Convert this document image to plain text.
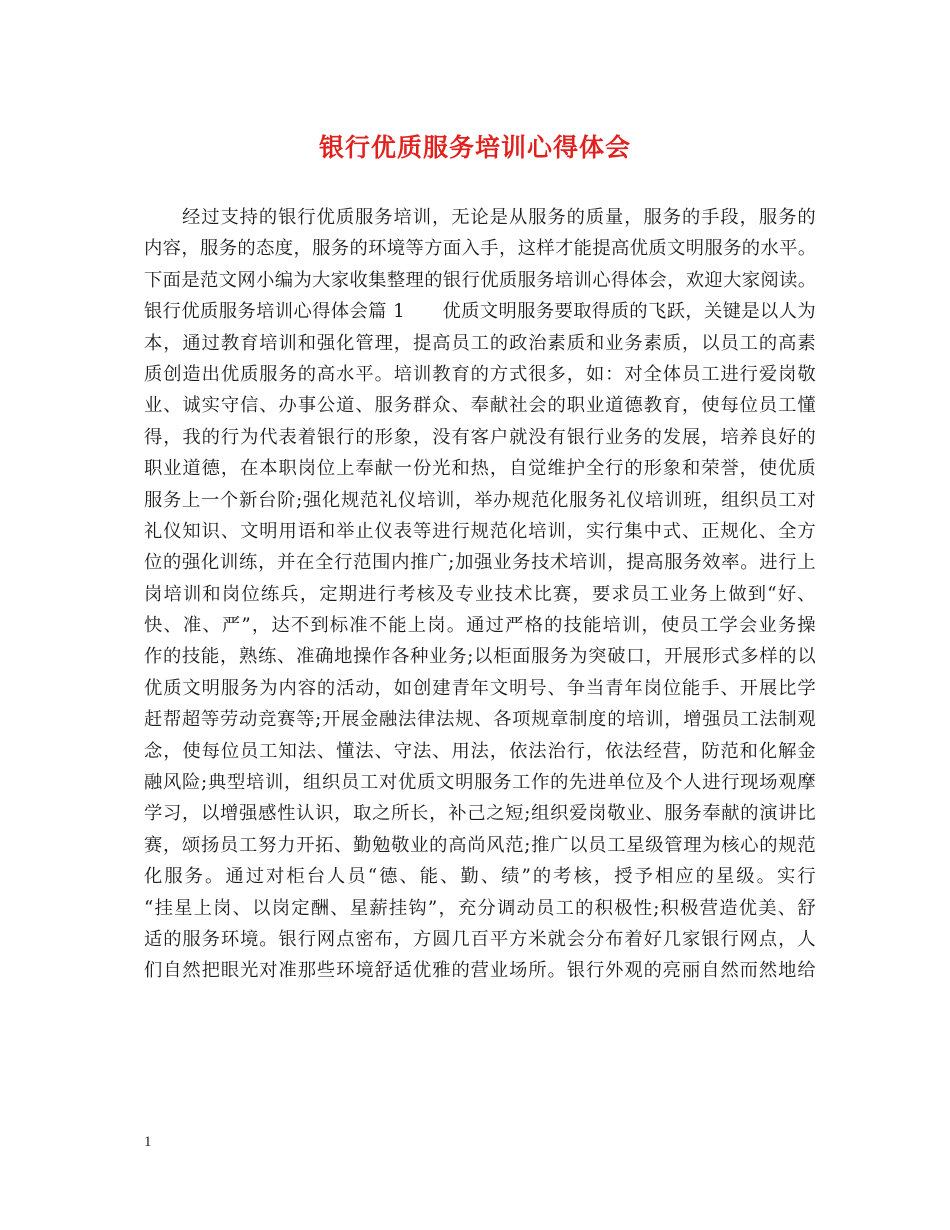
银行优质服务培训心得体会
经过支持的银行优质服务培训，无论是从服务的质量，服务的手段，服务的
内容，服务的态度，服务的环境等方面入手，这样才能提高优质文明服务的水平。
下面是范文网小编为大家收集整理的银行优质服务培训心得体会，欢迎大家阅读。
银行优质服务培训心得体会篇 1　　优质文明服务要取得质的飞跃，关键是以人为
本，通过教育培训和强化管理，提高员工的政治素质和业务素质，以员工的高素
质创造出优质服务的高水平。培训教育的方式很多，如：对全体员工进行爱岗敬
业、诚实守信、办事公道、服务群众、奉献社会的职业道德教育，使每位员工懂
得，我的行为代表着银行的形象，没有客户就没有银行业务的发展，培养良好的
职业道德，在本职岗位上奉献一份光和热，自觉维护全行的形象和荣誉，使优质
服务上一个新台阶;强化规范礼仪培训，举办规范化服务礼仪培训班，组织员工对
礼仪知识、文明用语和举止仪表等进行规范化培训，实行集中式、正规化、全方
位的强化训练，并在全行范围内推广;加强业务技术培训，提高服务效率。进行上
岗培训和岗位练兵，定期进行考核及专业技术比赛，要求员工业务上做到“好、
快、准、严”，达不到标准不能上岗。通过严格的技能培训，使员工学会业务操
作的技能，熟练、准确地操作各种业务;以柜面服务为突破口，开展形式多样的以
优质文明服务为内容的活动，如创建青年文明号、争当青年岗位能手、开展比学
赶帮超等劳动竞赛等;开展金融法律法规、各项规章制度的培训，增强员工法制观
念，使每位员工知法、懂法、守法、用法，依法治行，依法经营，防范和化解金
融风险;典型培训，组织员工对优质文明服务工作的先进单位及个人进行现场观摩
学习，以增强感性认识，取之所长，补己之短;组织爱岗敬业、服务奉献的演讲比
赛，颂扬员工努力开拓、勤勉敬业的高尚风范;推广以员工星级管理为核心的规范
化服务。通过对柜台人员“德、能、勤、绩”的考核，授予相应的星级。实行
“挂星上岗、以岗定酬、星薪挂钩”，充分调动员工的积极性;积极营造优美、舒
适的服务环境。银行网点密布，方圆几百平方米就会分布着好几家银行网点，人
们自然把眼光对准那些环境舒适优雅的营业场所。银行外观的亮丽自然而然地给
1
